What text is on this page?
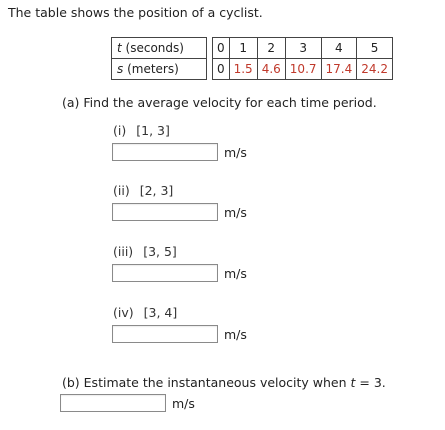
The table shows the position of a cyclist.
t (seconds)		0	1	2	3	4	5
s (meters)		0	1.5	4.6	10.7	17.4	24.2
(a) Find the average velocity for each time period.
(i) [1, 3]
m/s
(ii) [2, 3]
m/s
(iii) [3, 5]
m/s
(iv) [3, 4]
m/s
(b) Estimate the instantaneous velocity when t = 3.
m/s
